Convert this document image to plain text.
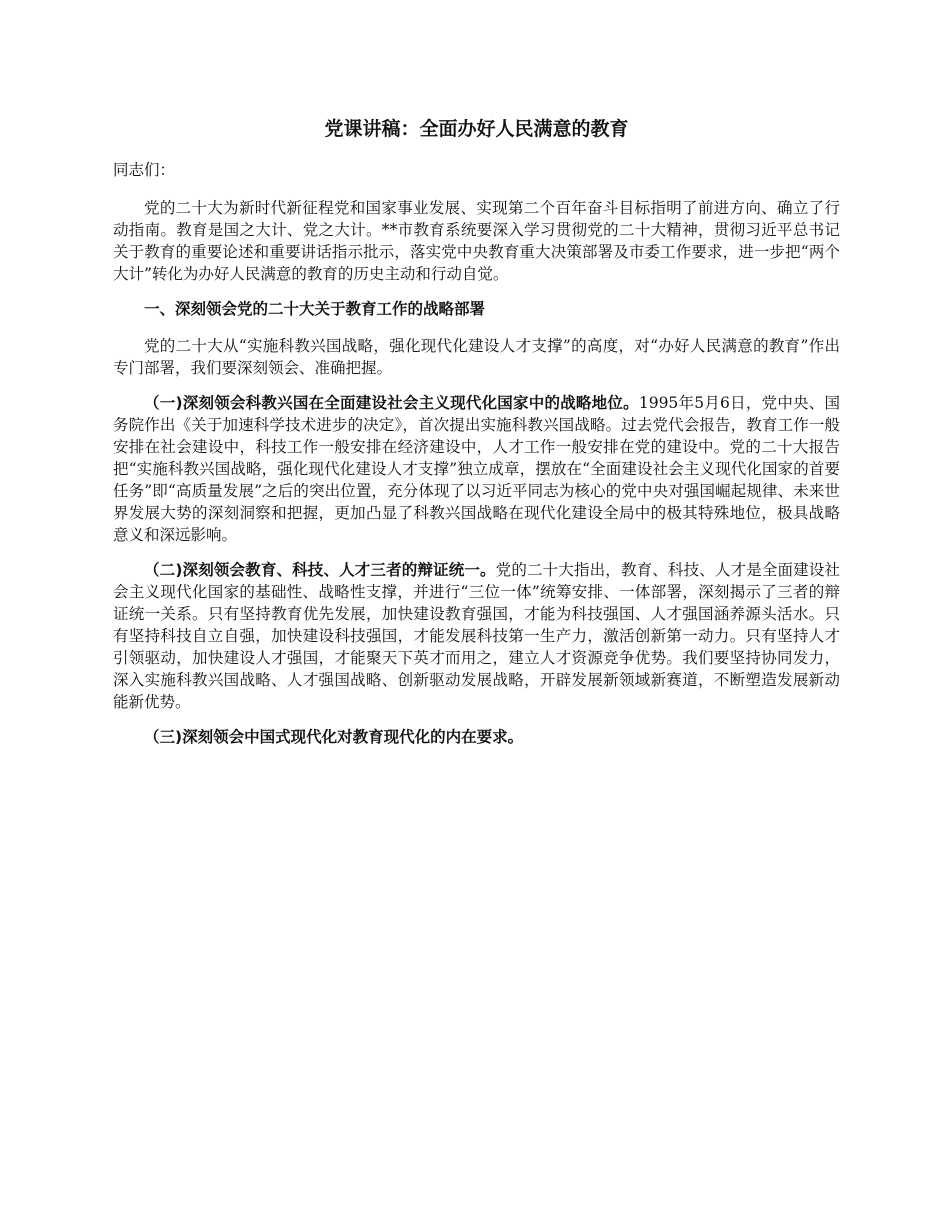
党课讲稿：全面办好人民满意的教育

同志们：

党的二十大为新时代新征程党和国家事业发展、实现第二个百年奋斗目标指明了前进方向、确立了行动指南。教育是国之大计、党之大计。**市教育系统要深入学习贯彻党的二十大精神，贯彻习近平总书记关于教育的重要论述和重要讲话指示批示，落实党中央教育重大决策部署及市委工作要求，进一步把“两个大计”转化为办好人民满意的教育的历史主动和行动自觉。

一、深刻领会党的二十大关于教育工作的战略部署

党的二十大从“实施科教兴国战略，强化现代化建设人才支撑”的高度，对“办好人民满意的教育”作出专门部署，我们要深刻领会、准确把握。

（一)深刻领会科教兴国在全面建设社会主义现代化国家中的战略地位。1995年5月6日，党中央、国务院作出《关于加速科学技术进步的决定》，首次提出实施科教兴国战略。过去党代会报告，教育工作一般安排在社会建设中，科技工作一般安排在经济建设中，人才工作一般安排在党的建设中。党的二十大报告把“实施科教兴国战略，强化现代化建设人才支撑”独立成章，摆放在“全面建设社会主义现代化国家的首要任务”即“高质量发展”之后的突出位置，充分体现了以习近平同志为核心的党中央对强国崛起规律、未来世界发展大势的深刻洞察和把握，更加凸显了科教兴国战略在现代化建设全局中的极其特殊地位，极具战略意义和深远影响。

（二)深刻领会教育、科技、人才三者的辩证统一。党的二十大指出，教育、科技、人才是全面建设社会主义现代化国家的基础性、战略性支撑，并进行“三位一体”统筹安排、一体部署，深刻揭示了三者的辩证统一关系。只有坚持教育优先发展，加快建设教育强国，才能为科技强国、人才强国涵养源头活水。只有坚持科技自立自强，加快建设科技强国，才能发展科技第一生产力，激活创新第一动力。只有坚持人才引领驱动，加快建设人才强国，才能聚天下英才而用之，建立人才资源竞争优势。我们要坚持协同发力，深入实施科教兴国战略、人才强国战略、创新驱动发展战略，开辟发展新领域新赛道，不断塑造发展新动能新优势。

（三)深刻领会中国式现代化对教育现代化的内在要求。
